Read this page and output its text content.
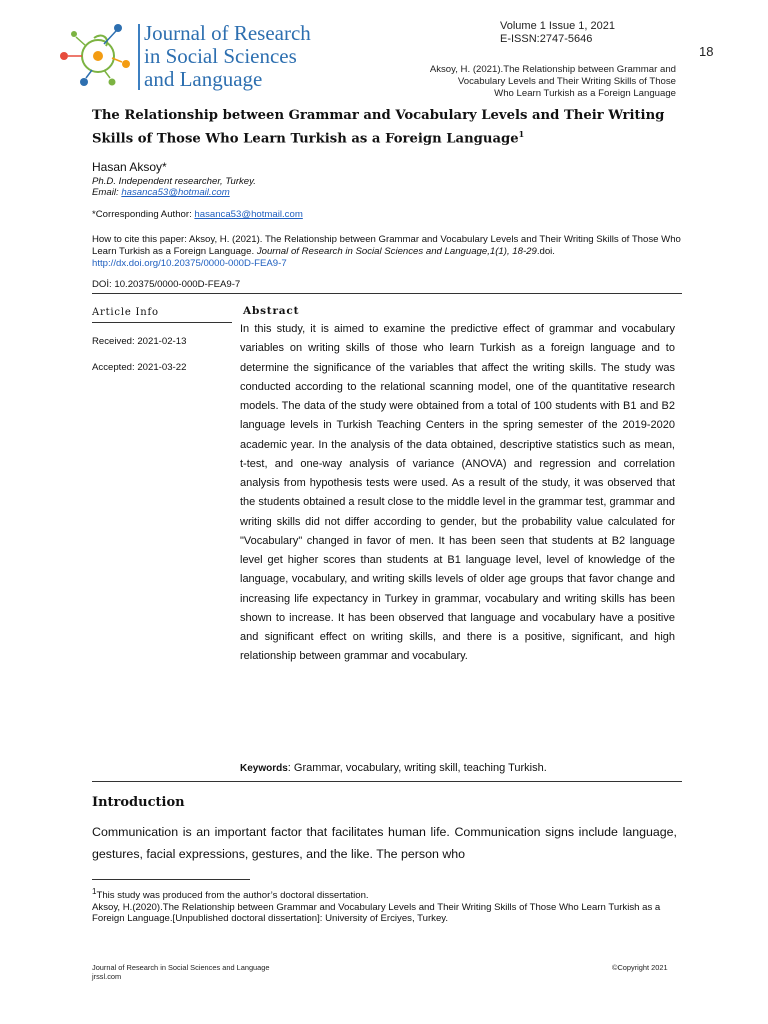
Journal of Research
in Social Sciences
and Language
Volume 1 Issue 1, 2021
E-ISSN:2747-5646
18
Aksoy, H. (2021).The Relationship between Grammar and
Vocabulary Levels and Their Writing Skills of Those
Who Learn Turkish as a Foreign Language
The Relationship between Grammar and Vocabulary Levels and Their Writing Skills of Those Who Learn Turkish as a Foreign Language$^1$
Hasan Aksoy*
Ph.D. Independent researcher, Turkey.
Email: hasanca53@hotmail.com
*Corresponding Author: hasanca53@hotmail.com
How to cite this paper: Aksoy, H. (2021). The Relationship between Grammar and Vocabulary Levels and Their Writing Skills of Those Who Learn Turkish as a Foreign Language. Journal of Research in Social Sciences and Language,1(1), 18-29.doi. http://dx.doi.org/10.20375/0000-000D-FEA9-7
DOİ: 10.20375/0000-000D-FEA9-7
Article Info
Received: 2021-02-13
Accepted: 2021-03-22
Abstract
In this study, it is aimed to examine the predictive effect of grammar and vocabulary variables on writing skills of those who learn Turkish as a foreign language and to determine the significance of the variables that affect the writing skills. The study was conducted according to the relational scanning model, one of the quantitative research models. The data of the study were obtained from a total of 100 students with B1 and B2 language levels in Turkish Teaching Centers in the spring semester of the 2019-2020 academic year. In the analysis of the data obtained, descriptive statistics such as mean, t-test, and one-way analysis of variance (ANOVA) and regression and correlation analysis from hypothesis tests were used. As a result of the study, it was observed that the students obtained a result close to the middle level in the grammar test, grammar and writing skills did not differ according to gender, but the probability value calculated for "Vocabulary" changed in favor of men. It has been seen that students at B2 language level get higher scores than students at B1 language level, level of knowledge of the language, vocabulary, and writing skills levels of older age groups that favor change and increasing life expectancy in Turkey in grammar, vocabulary and writing skills has been shown to increase. It has been observed that language and vocabulary have a positive and significant effect on writing skills, and there is a positive, significant, and high relationship between grammar and vocabulary.
Keywords: Grammar, vocabulary, writing skill, teaching Turkish.
Introduction
Communication is an important factor that facilitates human life. Communication signs include language, gestures, facial expressions, gestures, and the like. The person who
$^1$This study was produced from the author’s doctoral dissertation.
Aksoy, H.(2020).The Relationship between Grammar and Vocabulary Levels and Their Writing Skills of Those Who Learn Turkish as a Foreign Language.[Unpublished doctoral dissertation]: University of Erciyes, Turkey.
Journal of Research in Social Sciences and Language
jrssl.com
©Copyright 2021
